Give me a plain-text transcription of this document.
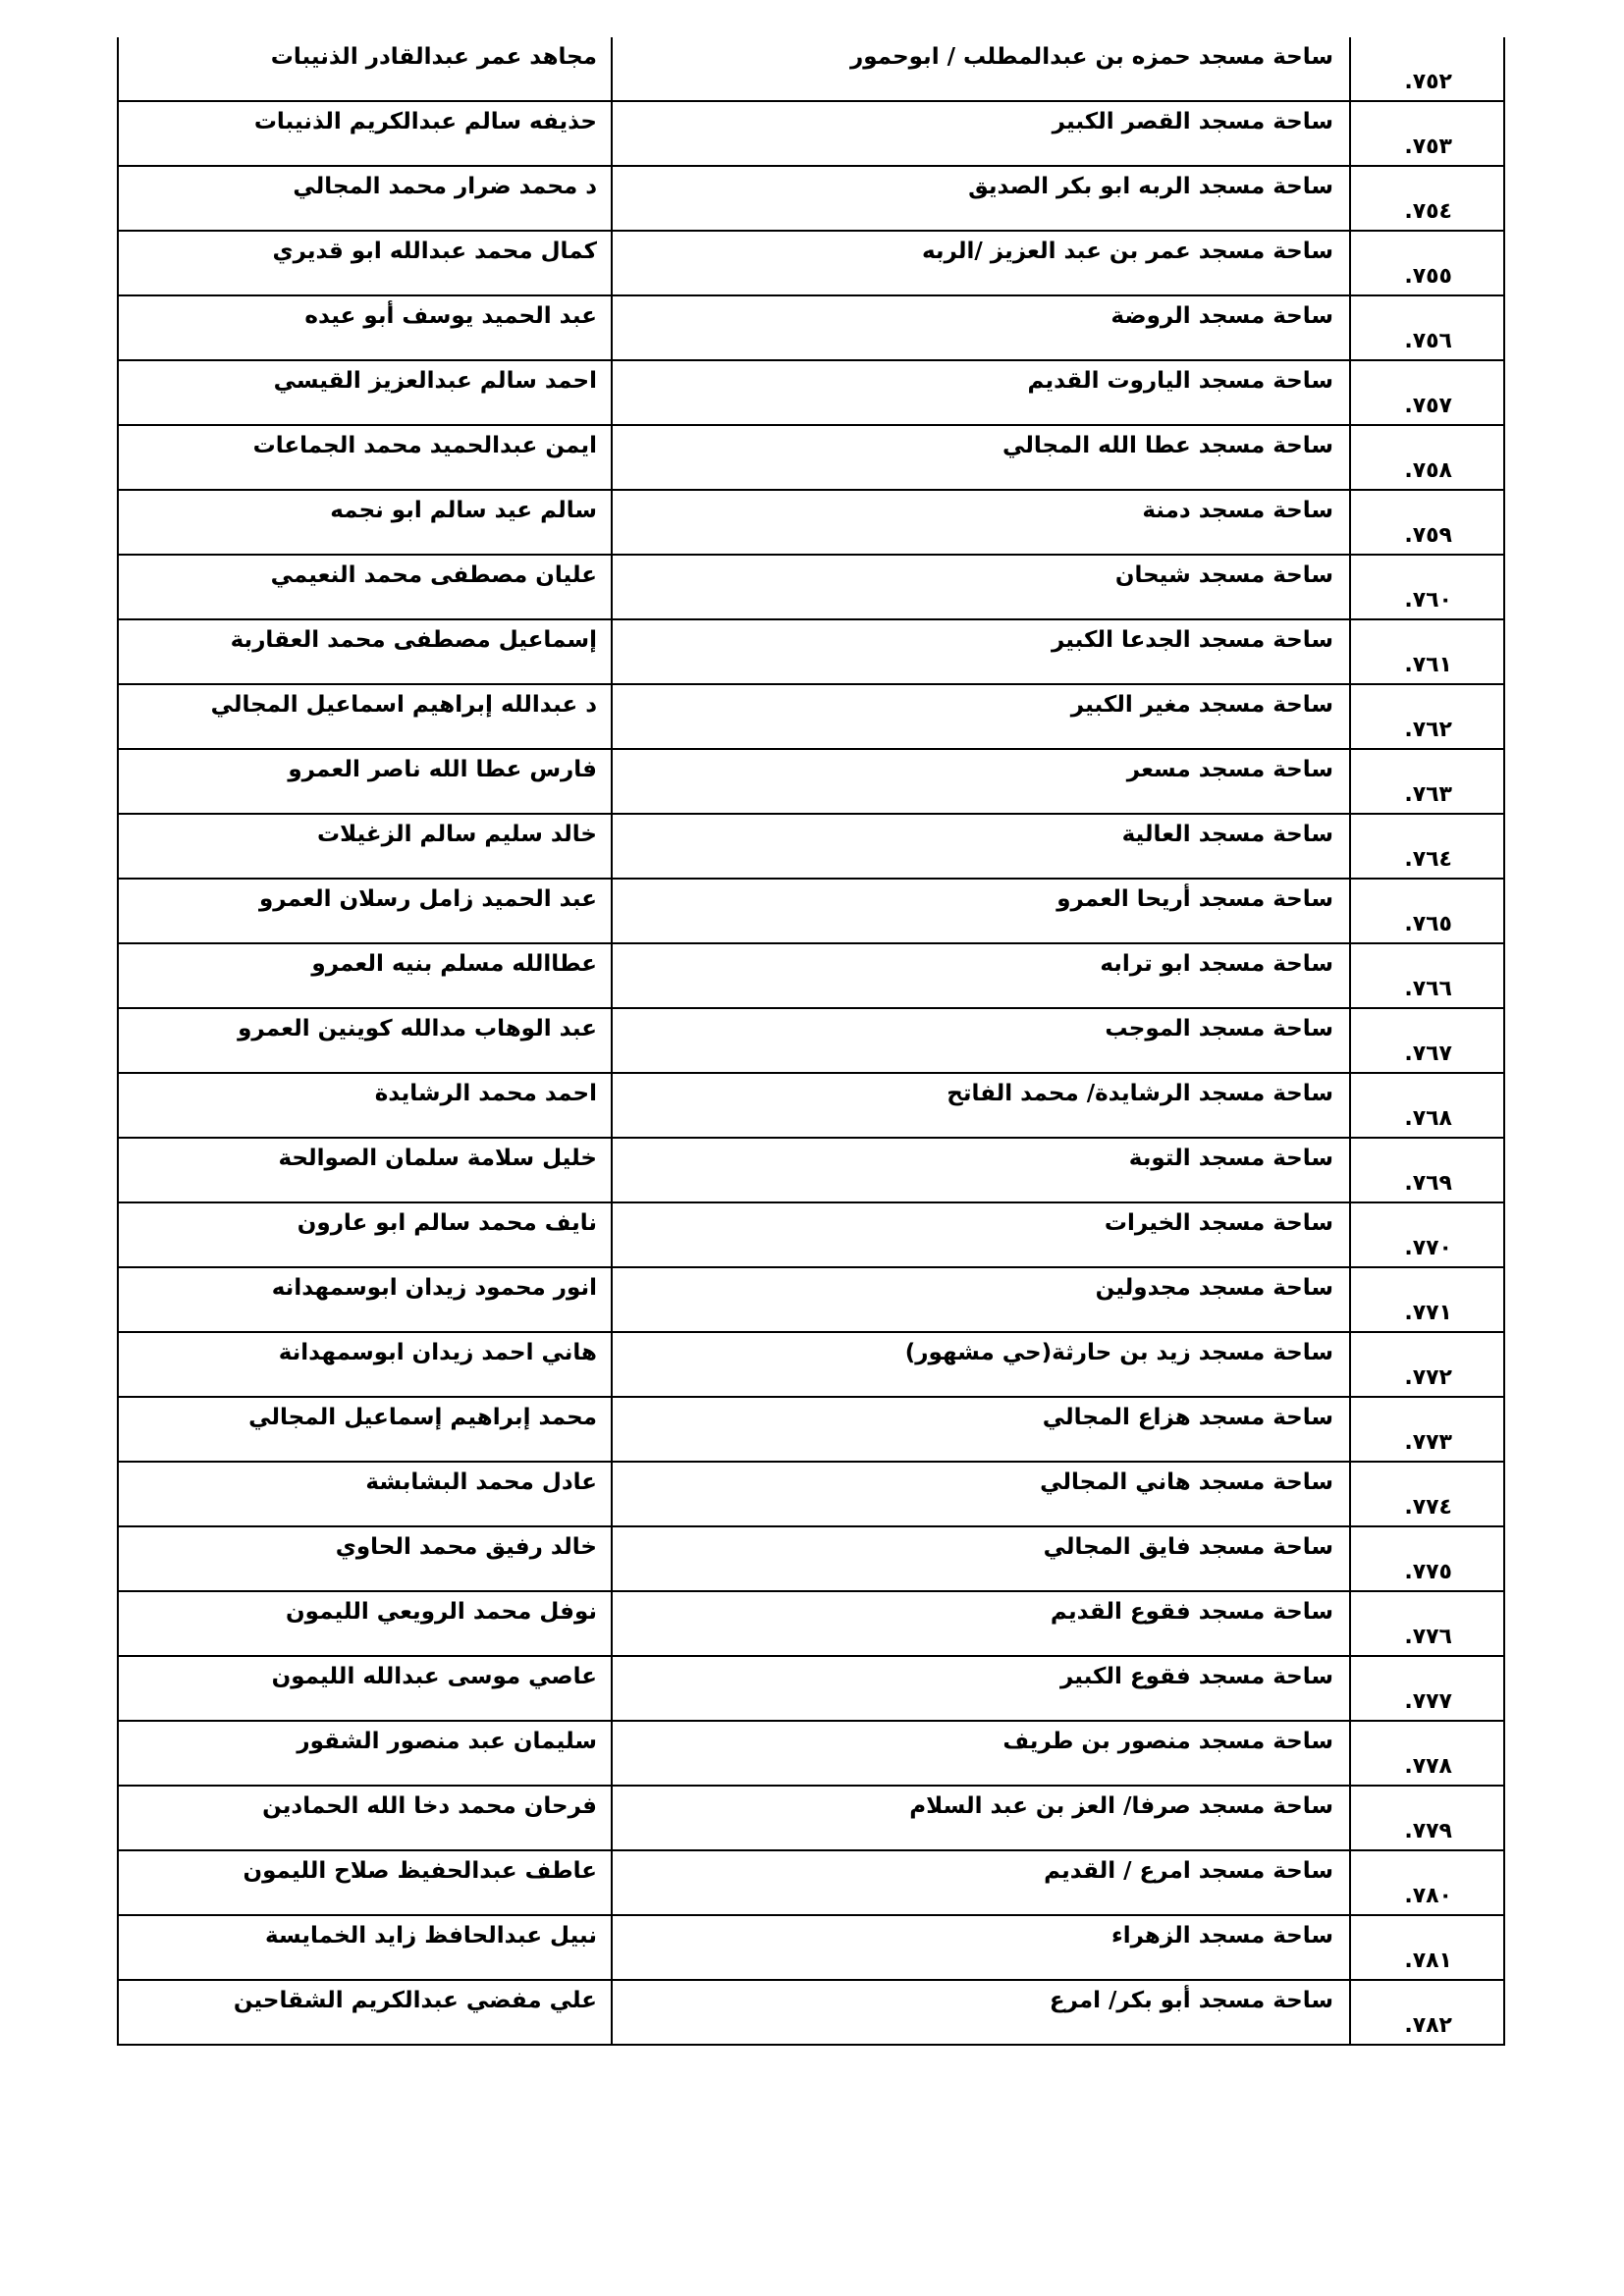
٧٥٢.	ساحة مسجد حمزه بن عبدالمطلب / ابوحمور	مجاهد عمر عبدالقادر الذنيبات

٧٥٣.	ساحة مسجد القصر الكبير	حذيفه سالم عبدالكريم الذنيبات

٧٥٤.	ساحة مسجد الربه ابو بكر الصديق	د محمد ضرار محمد المجالي

٧٥٥.	ساحة مسجد عمر بن عبد العزيز /الربه	كمال محمد عبدالله ابو قديري

٧٥٦.	ساحة مسجد الروضة	عبد الحميد يوسف أبو عيده

٧٥٧.	ساحة مسجد الياروت القديم	احمد سالم عبدالعزيز القيسي

٧٥٨.	ساحة مسجد عطا الله المجالي	ايمن عبدالحميد محمد الجماعات

٧٥٩.	ساحة مسجد دمنة	سالم عيد سالم ابو نجمه

٧٦٠.	ساحة مسجد شيحان	عليان مصطفى محمد النعيمي

٧٦١.	ساحة مسجد الجدعا الكبير	إسماعيل مصطفى محمد العقاربة

٧٦٢.	ساحة مسجد مغير الكبير	د عبدالله إبراهيم اسماعيل المجالي

٧٦٣.	ساحة مسجد مسعر	فارس عطا الله ناصر العمرو

٧٦٤.	ساحة مسجد العالية	خالد سليم سالم الزغيلات

٧٦٥.	ساحة مسجد أريحا العمرو	عبد الحميد زامل رسلان العمرو

٧٦٦.	ساحة مسجد ابو ترابه	عطاالله مسلم بنيه العمرو

٧٦٧.	ساحة مسجد الموجب	عبد الوهاب مدالله كوينين العمرو

٧٦٨.	ساحة مسجد الرشايدة/ محمد الفاتح	احمد محمد الرشايدة

٧٦٩.	ساحة مسجد التوبة	خليل سلامة سلمان الصوالحة

٧٧٠.	ساحة مسجد الخيرات	نايف محمد سالم ابو عارون

٧٧١.	ساحة مسجد مجدولين	انور محمود زيدان ابوسمهدانه

٧٧٢.	ساحة مسجد زيد بن حارثة(حي مشهور)	هاني احمد زيدان ابوسمهدانة

٧٧٣.	ساحة مسجد هزاع المجالي	محمد إبراهيم إسماعيل المجالي

٧٧٤.	ساحة مسجد هاني المجالي	عادل محمد البشابشة

٧٧٥.	ساحة مسجد فايق المجالي	خالد رفيق محمد الحاوي

٧٧٦.	ساحة مسجد فقوع القديم	نوفل محمد الرويعي الليمون

٧٧٧.	ساحة مسجد فقوع الكبير	عاصي موسى عبدالله الليمون

٧٧٨.	ساحة مسجد منصور بن طريف	سليمان عبد منصور الشقور

٧٧٩.	ساحة مسجد صرفا/ العز بن عبد السلام	فرحان محمد دخا الله الحمادين

٧٨٠.	ساحة مسجد امرع / القديم	عاطف عبدالحفيظ صلاح الليمون

٧٨١.	ساحة مسجد الزهراء	نبيل عبدالحافظ زايد الخمايسة

٧٨٢.	ساحة مسجد أبو بكر/ امرع	علي مفضي عبدالكريم الشقاحين
